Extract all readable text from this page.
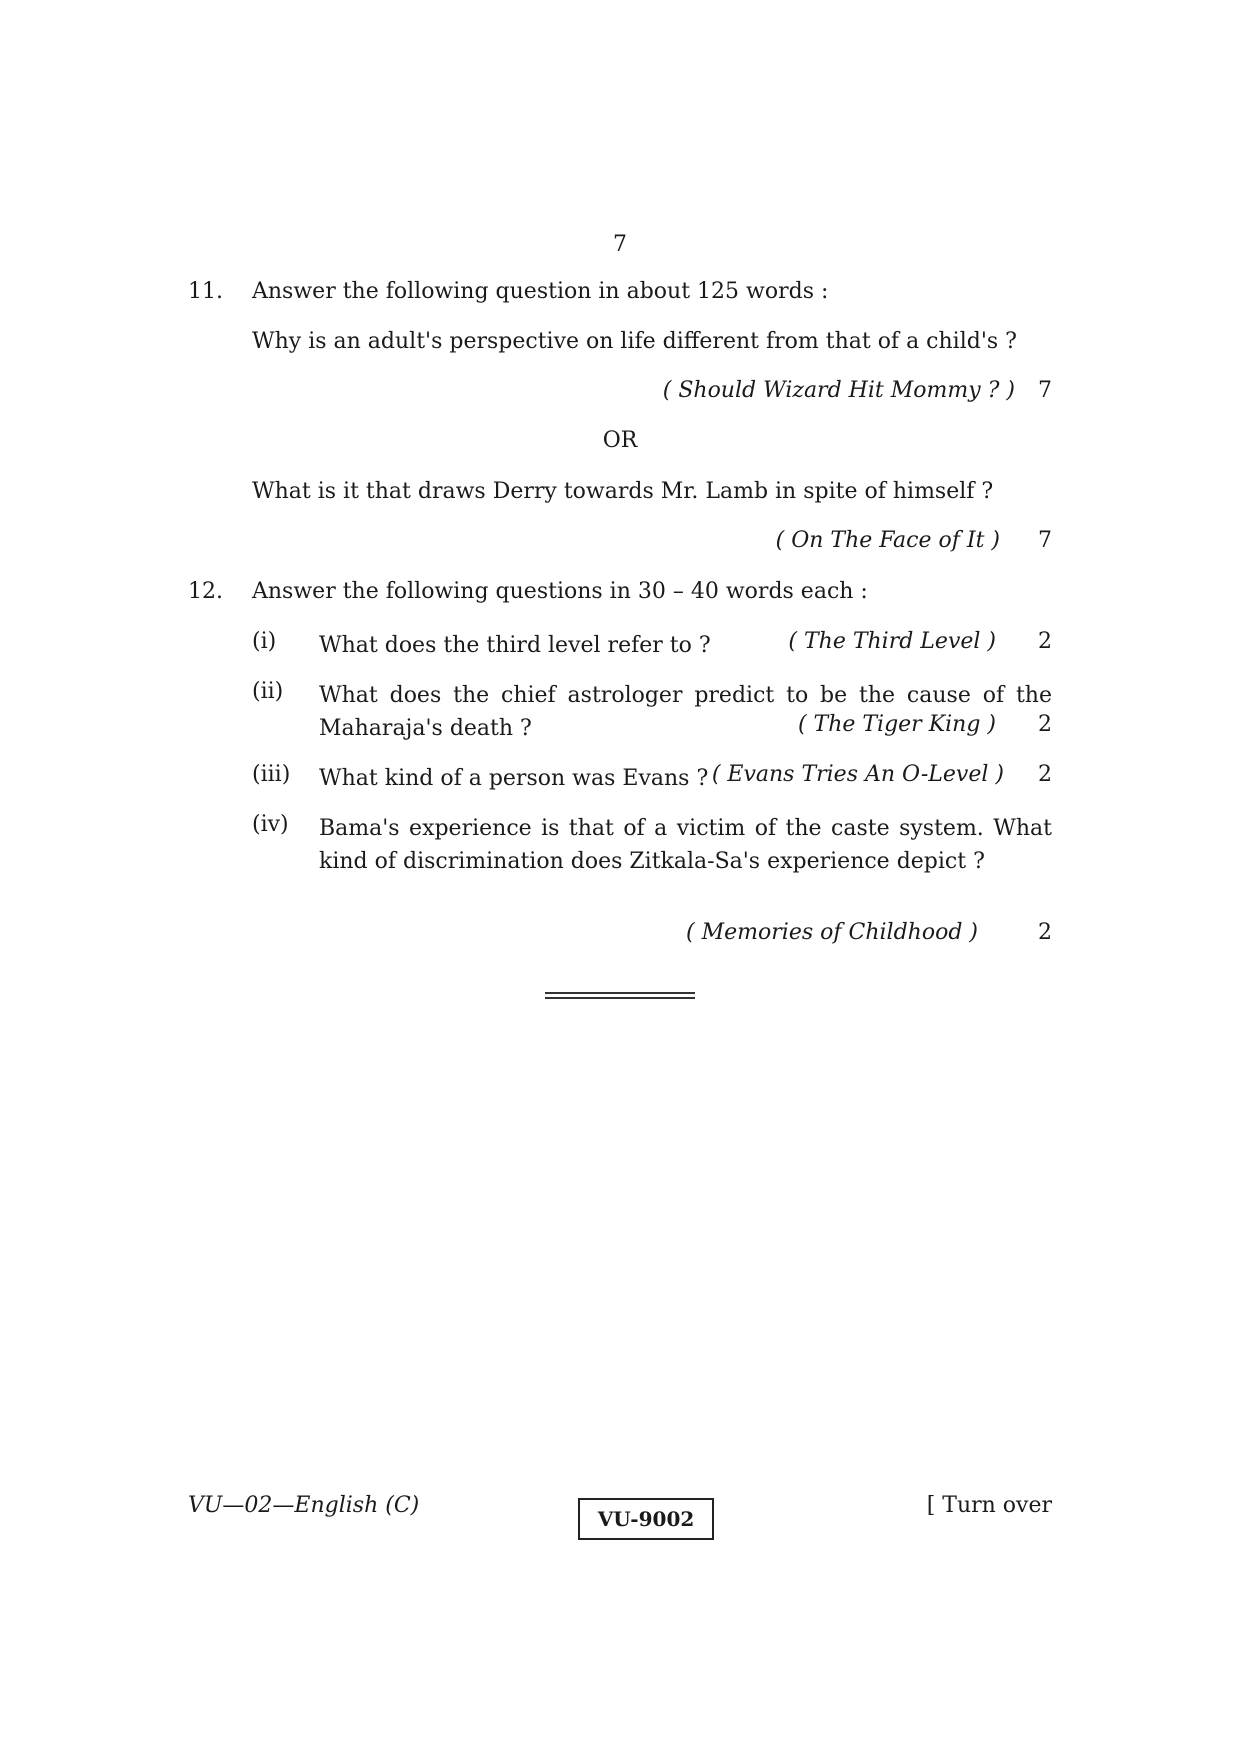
7
11. Answer the following question in about 125 words :
Why is an adult's perspective on life different from that of a child's ?
( Should Wizard Hit Mommy ? )	7
OR
What is it that draws Derry towards Mr. Lamb in spite of himself ?
( On The Face of It )	7
12. Answer the following questions in 30 – 40 words each :
(i) What does the third level refer to ?	( The Third Level )	2
(ii) What does the chief astrologer predict to be the cause of the
Maharaja's death ?	( The Tiger King )	2
(iii) What kind of a person was Evans ? ( Evans Tries An O-Level )	2
(iv) Bama's experience is that of a victim of the caste system. What
kind of discrimination does Zitkala-Sa's experience depict ?
( Memories of Childhood )	2
VU—02—English (C)
VU-9002
[ Turn over
